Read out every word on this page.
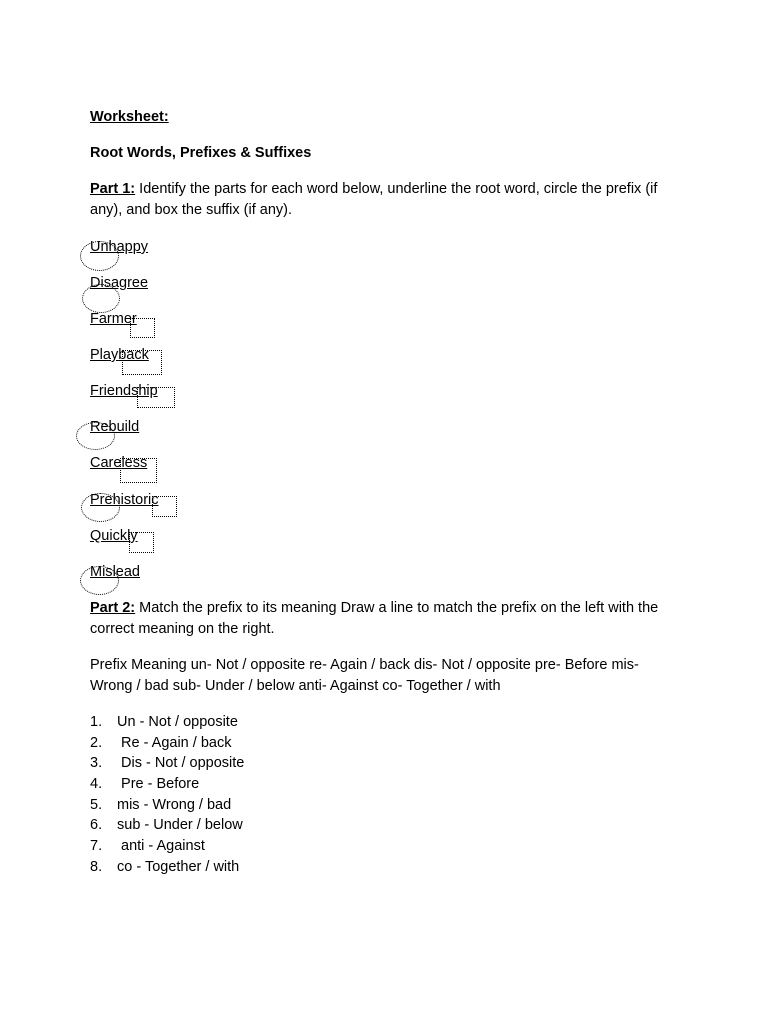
Worksheet:
Root Words, Prefixes & Suffixes
Part 1: Identify the parts for each word below, underline the root word, circle the prefix (if any), and box the suffix (if any).
Unhappy
Disagree
Farmer
Playback
Friendship
Rebuild
Careless
Prehistoric
Quickly
Mislead
Part 2: Match the prefix to its meaning Draw a line to match the prefix on the left with the correct meaning on the right.
Prefix Meaning un- Not / opposite re- Again / back dis- Not / opposite pre- Before mis- Wrong / bad sub- Under / below anti- Against co- Together / with
1. Un - Not / opposite
2. Re - Again / back
3. Dis - Not / opposite
4. Pre - Before
5. mis - Wrong / bad
6. sub - Under / below
7. anti - Against
8. co - Together / with
